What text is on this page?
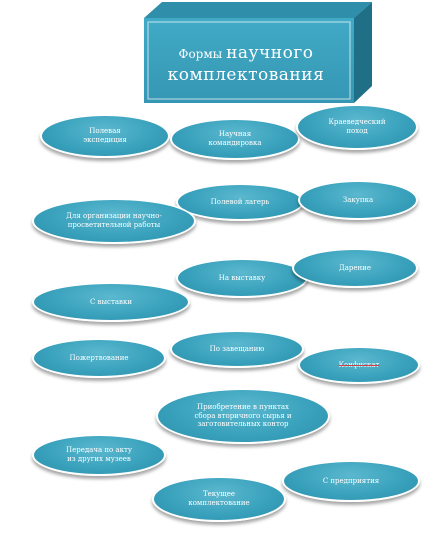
Формы научного
комплектования
Полевая
экспедиция
Научная
командировка
Краеведческий
поход
Полевой лагерь	Закупка
Для организации научно-
просветительной работы
На выставку
Дарение
С выставки
По завещанию
Пожертвование
Конфискат
Приобретение в пунктах
сбора вторичного сырья и
заготовительных контор
Передача по акту
из других музеев
С предприятия
Текущее
комплектование
